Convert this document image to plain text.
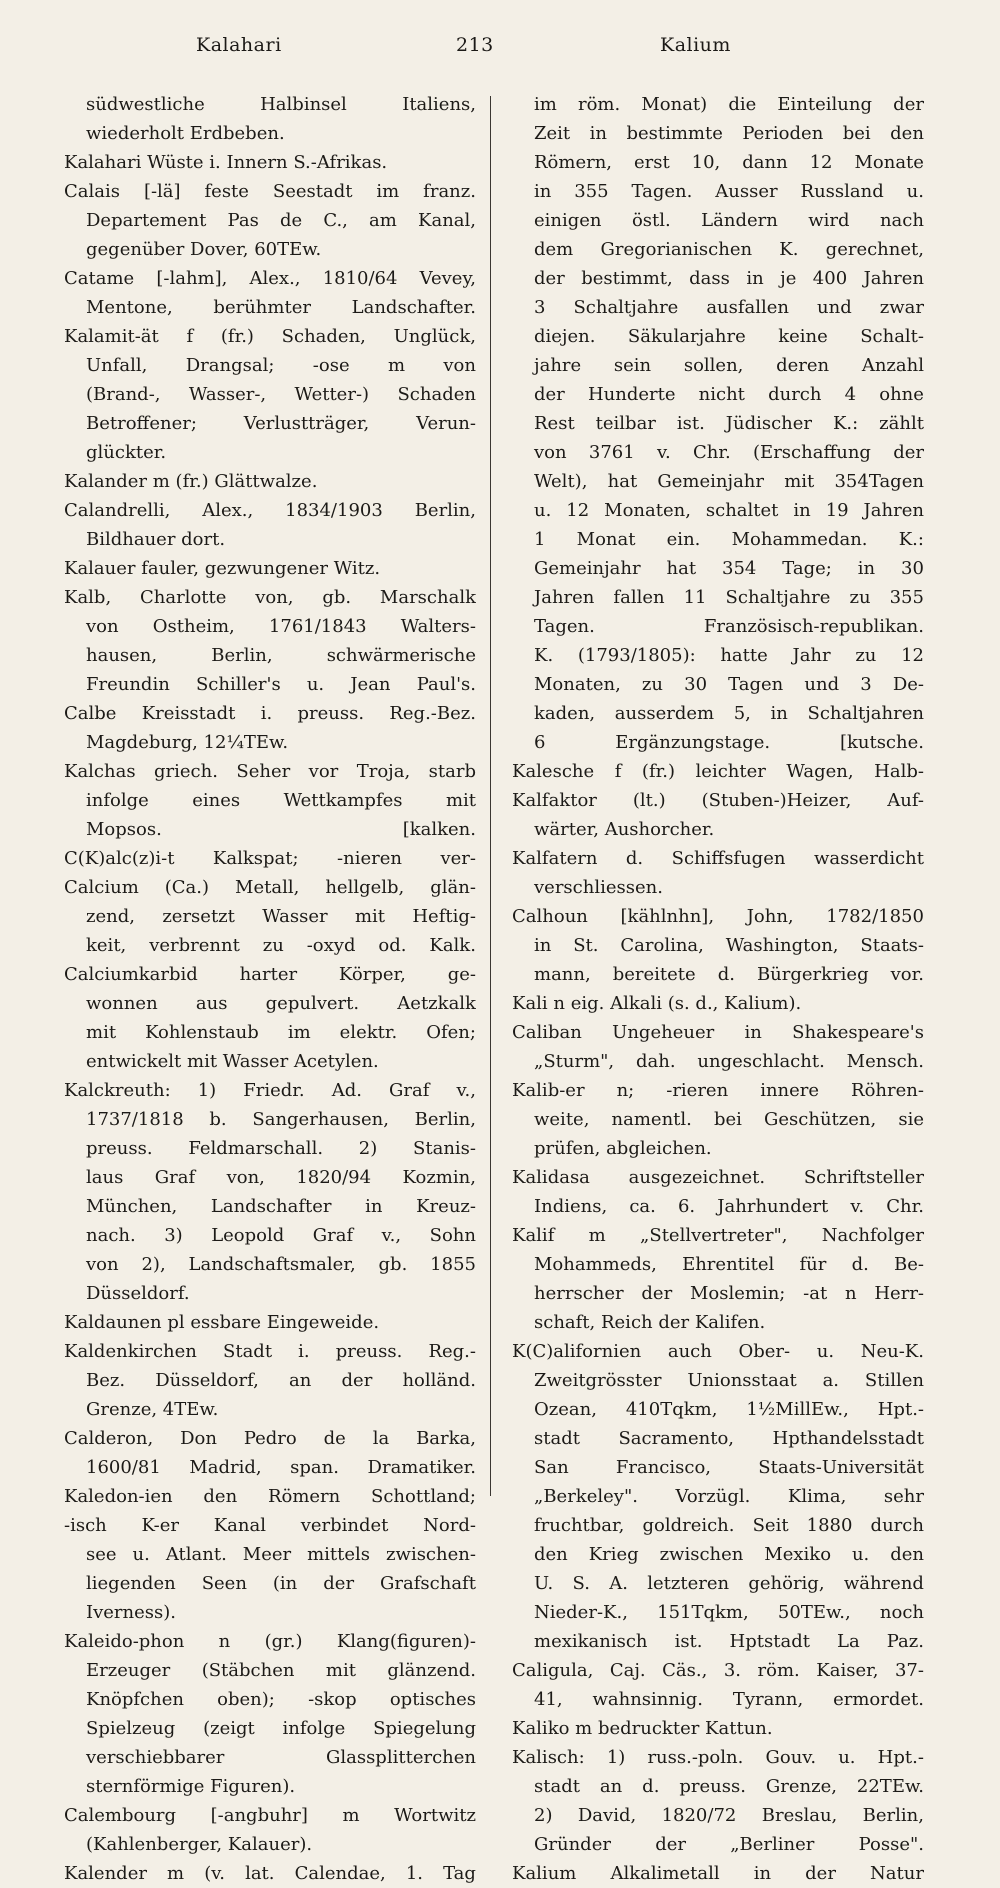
Kalahari	213	Kalium
südwestliche	Halbinsel	Italiens,
wiederholt Erdbeben.
Kalahari Wüste i. Innern S.-Afrikas.
Calais [-lä] feste Seestadt im franz.
Departement Pas de C., am Kanal,
gegenüber Dover, 60TEw.
Catame [-lahm], Alex., 1810/64 Vevey,
Mentone, berühmter Landschafter.
Kalamit-ät f (fr.) Schaden, Unglück,
Unfall, Drangsal; -ose m von
(Brand-, Wasser-, Wetter-) Schaden
Betroffener;	Verlustträger,	Verun-
glückter.
Kalander m (fr.) Glättwalze.
Calandrelli, Alex., 1834/1903 Berlin,
Bildhauer dort.
Kalauer fauler, gezwungener Witz.
Kalb, Charlotte von, gb. Marschalk
von Ostheim, 1761/1843 Walters-
hausen,	Berlin,	schwärmerische
Freundin Schiller's u. Jean Paul's.
Calbe Kreisstadt i. preuss. Reg.-Bez.
Magdeburg, 12¼TEw.
Kalchas griech. Seher vor Troja, starb
infolge eines Wettkampfes mit
Mopsos.	[kalken.
C(K)alc(z)i-t Kalkspat; -nieren ver-
Calcium (Ca.) Metall, hellgelb, glän-
zend, zersetzt Wasser mit Heftig-
keit, verbrennt zu -oxyd od. Kalk.
Calciumkarbid harter Körper, ge-
wonnen aus gepulvert. Aetzkalk
mit Kohlenstaub im elektr. Ofen;
entwickelt mit Wasser Acetylen.
Kalckreuth: 1) Friedr. Ad. Graf v.,
1737/1818 b. Sangerhausen, Berlin,
preuss. Feldmarschall. 2) Stanis-
laus Graf von, 1820/94 Kozmin,
München, Landschafter in Kreuz-
nach. 3) Leopold Graf v., Sohn
von 2), Landschaftsmaler, gb. 1855
Düsseldorf.
Kaldaunen pl essbare Eingeweide.
Kaldenkirchen Stadt i. preuss. Reg.-
Bez. Düsseldorf, an der holländ.
Grenze, 4TEw.
Calderon, Don Pedro de la Barka,
1600/81 Madrid, span. Dramatiker.
Kaledon-ien den Römern Schottland;
-isch K-er Kanal verbindet Nord-
see u. Atlant. Meer mittels zwischen-
liegenden Seen (in der Grafschaft
Iverness).
Kaleido-phon n (gr.) Klang(figuren)-
Erzeuger (Stäbchen mit glänzend.
Knöpfchen oben); -skop optisches
Spielzeug (zeigt infolge Spiegelung
verschiebbarer	Glassplitterchen
sternförmige Figuren).
Calembourg [-angbuhr] m Wortwitz
(Kahlenberger, Kalauer).
Kalender m (v. lat. Calendae, 1. Tag
im röm. Monat) die Einteilung der
Zeit in bestimmte Perioden bei den
Römern, erst 10, dann 12 Monate
in 355 Tagen. Ausser Russland u.
einigen östl. Ländern wird nach
dem Gregorianischen K. gerechnet,
der bestimmt, dass in je 400 Jahren
3 Schaltjahre ausfallen und zwar
diejen. Säkularjahre keine Schalt-
jahre sein sollen, deren Anzahl
der Hunderte nicht durch 4 ohne
Rest teilbar ist. Jüdischer K.: zählt
von 3761 v. Chr. (Erschaffung der
Welt), hat Gemeinjahr mit 354Tagen
u. 12 Monaten, schaltet in 19 Jahren
1 Monat ein. Mohammedan. K.:
Gemeinjahr hat 354 Tage; in 30
Jahren fallen 11 Schaltjahre zu 355
Tagen.	Französisch-republikan.
K. (1793/1805): hatte Jahr zu 12
Monaten, zu 30 Tagen und 3 De-
kaden, ausserdem 5, in Schaltjahren
6	Ergänzungstage.	[kutsche.
Kalesche f (fr.) leichter Wagen, Halb-
Kalfaktor (lt.) (Stuben-)Heizer, Auf-
wärter, Aushorcher.
Kalfatern d. Schiffsfugen wasserdicht
verschliessen.
Calhoun [kählnhn], John, 1782/1850
in St. Carolina, Washington, Staats-
mann, bereitete d. Bürgerkrieg vor.
Kali n eig. Alkali (s. d., Kalium).
Caliban Ungeheuer in Shakespeare's
„Sturm", dah. ungeschlacht. Mensch.
Kalib-er n; -rieren innere Röhren-
weite, namentl. bei Geschützen, sie
prüfen, abgleichen.
Kalidasa ausgezeichnet. Schriftsteller
Indiens, ca. 6. Jahrhundert v. Chr.
Kalif m „Stellvertreter", Nachfolger
Mohammeds, Ehrentitel für d. Be-
herrscher der Moslemin; -at n Herr-
schaft, Reich der Kalifen.
K(C)alifornien auch Ober- u. Neu-K.
Zweitgrösster Unionsstaat a. Stillen
Ozean, 410Tqkm, 1½MillEw., Hpt.-
stadt Sacramento, Hpthandelsstadt
San	Francisco,	Staats-Universität
„Berkeley". Vorzügl. Klima, sehr
fruchtbar, goldreich. Seit 1880 durch
den Krieg zwischen Mexiko u. den
U. S. A. letzteren gehörig, während
Nieder-K., 151Tqkm, 50TEw., noch
mexikanisch ist. Hptstadt La Paz.
Caligula, Caj. Cäs., 3. röm. Kaiser, 37-
41, wahnsinnig. Tyrann, ermordet.
Kaliko m bedruckter Kattun.
Kalisch: 1) russ.-poln. Gouv. u. Hpt.-
stadt an d. preuss. Grenze, 22TEw.
2) David, 1820/72 Breslau, Berlin,
Gründer der „Berliner Posse".
Kalium Alkalimetall in der Natur
